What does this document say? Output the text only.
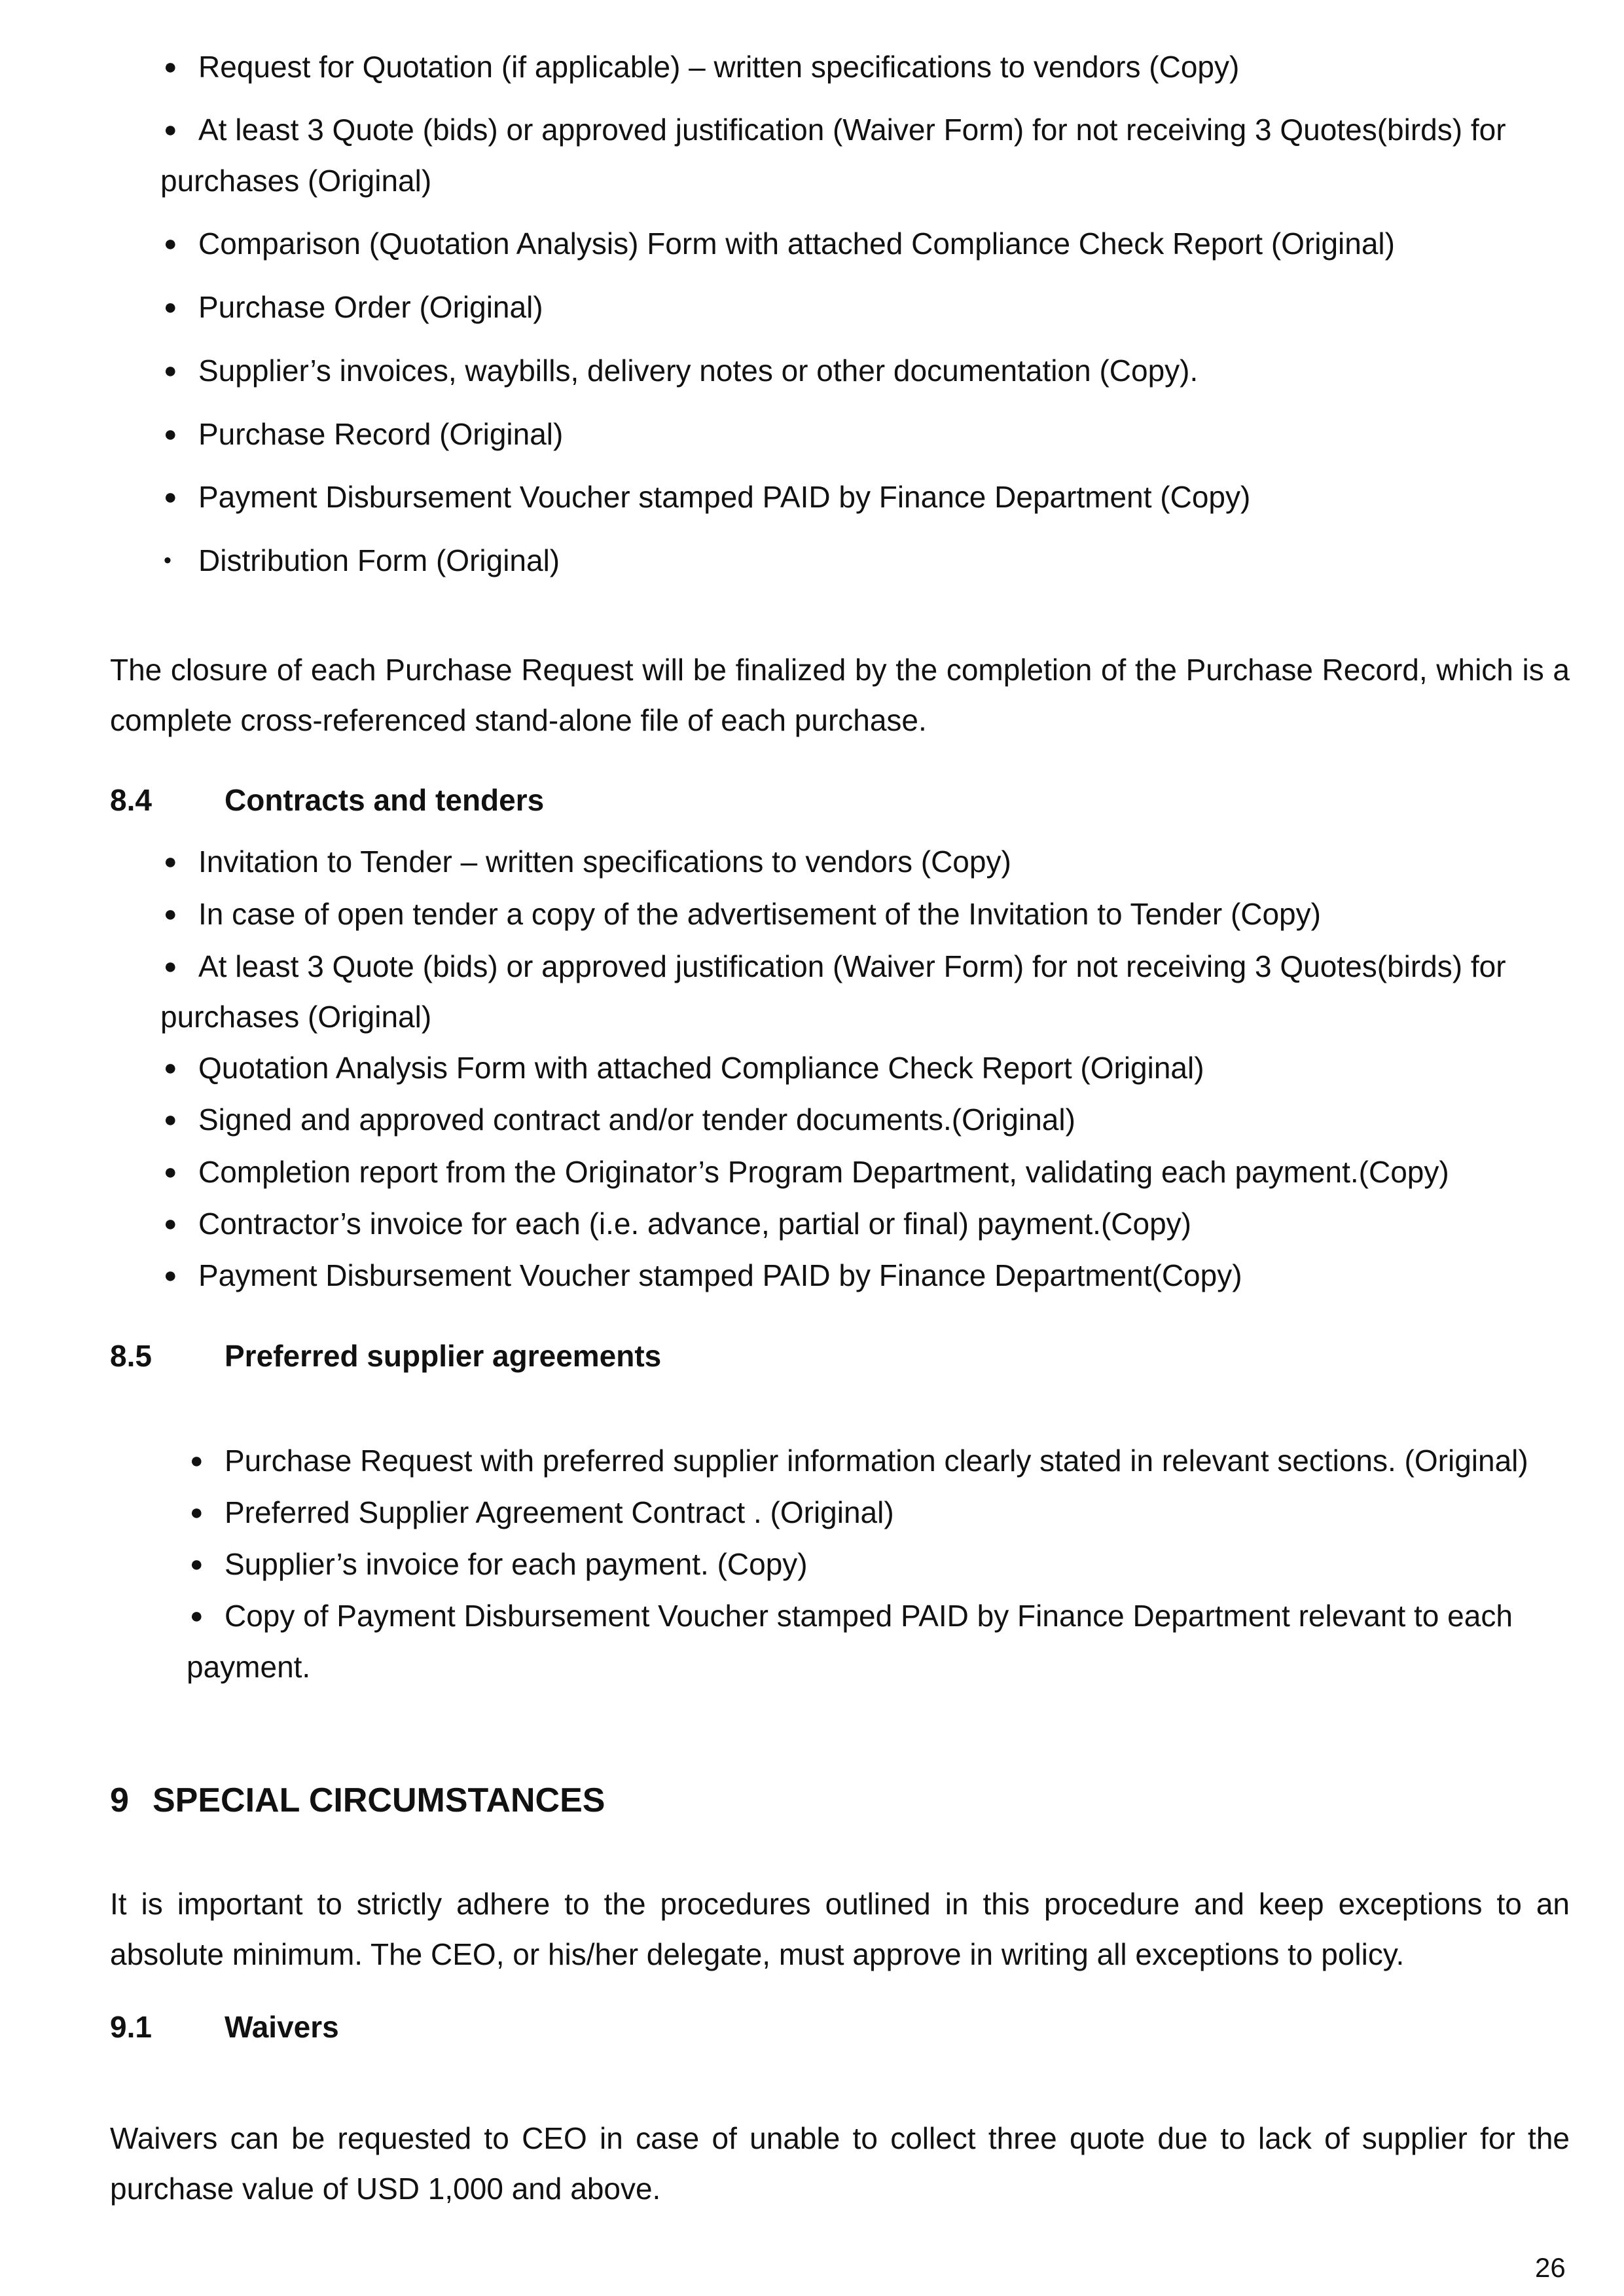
● Request for Quotation (if applicable) – written specifications to vendors (Copy)
● At least 3 Quote (bids) or approved justification (Waiver Form) for not receiving 3 Quotes(birds) for
purchases (Original)
● Comparison (Quotation Analysis) Form with attached Compliance Check Report (Original)
● Purchase Order (Original)
● Supplier’s invoices, waybills, delivery notes or other documentation (Copy).
● Purchase Record (Original)
● Payment Disbursement Voucher stamped PAID by Finance Department (Copy)
• Distribution Form (Original)
The closure of each Purchase Request will be finalized by the completion of the Purchase Record, which is a complete cross-referenced stand-alone file of each purchase.
8.4 Contracts and tenders
● Invitation to Tender – written specifications to vendors (Copy)
● In case of open tender a copy of the advertisement of the Invitation to Tender (Copy)
● At least 3 Quote (bids) or approved justification (Waiver Form) for not receiving 3 Quotes(birds) for
purchases (Original)
● Quotation Analysis Form with attached Compliance Check Report (Original)
● Signed and approved contract and/or tender documents.(Original)
● Completion report from the Originator’s Program Department, validating each payment.(Copy)
● Contractor’s invoice for each (i.e. advance, partial or final) payment.(Copy)
● Payment Disbursement Voucher stamped PAID by Finance Department(Copy)
8.5 Preferred supplier agreements
● Purchase Request with preferred supplier information clearly stated in relevant sections. (Original)
● Preferred Supplier Agreement Contract . (Original)
● Supplier’s invoice for each payment. (Copy)
● Copy of Payment Disbursement Voucher stamped PAID by Finance Department relevant to each
payment.
9 SPECIAL CIRCUMSTANCES
It is important to strictly adhere to the procedures outlined in this procedure and keep exceptions to an absolute minimum. The CEO, or his/her delegate, must approve in writing all exceptions to policy.
9.1 Waivers
Waivers can be requested to CEO in case of unable to collect three quote due to lack of supplier for the purchase value of USD 1,000 and above.
26
